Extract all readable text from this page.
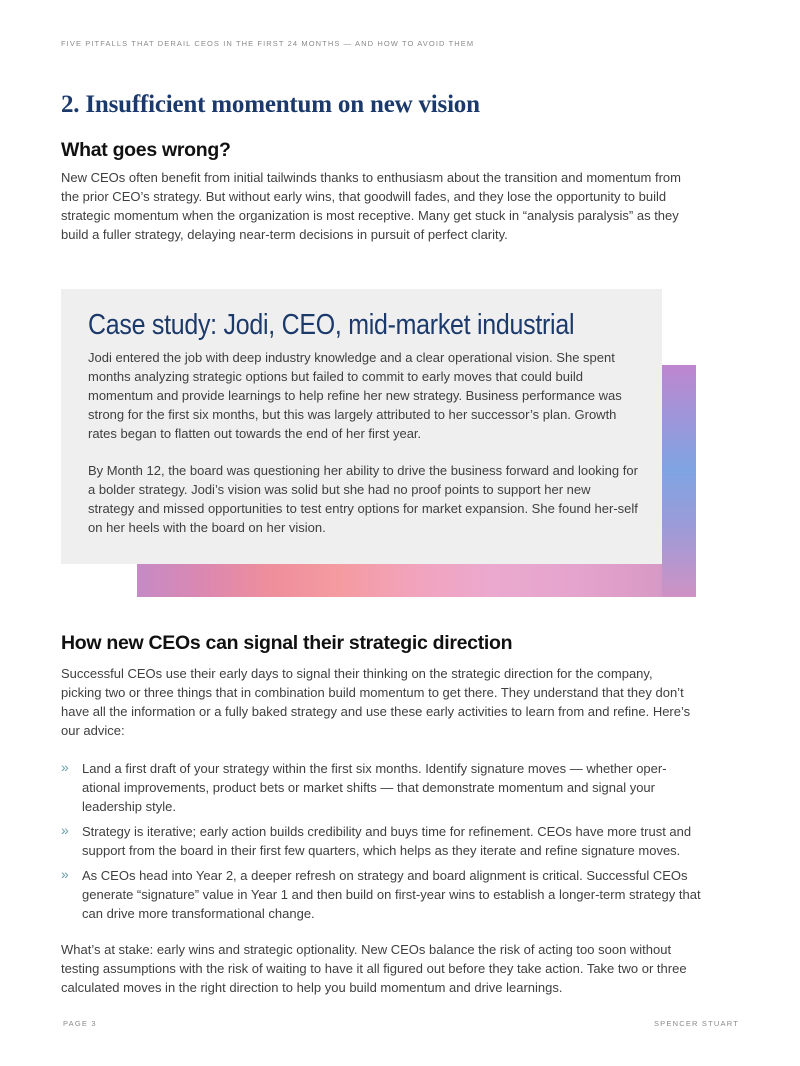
FIVE PITFALLS THAT DERAIL CEOS IN THE FIRST 24 MONTHS — AND HOW TO AVOID THEM
2. Insufficient momentum on new vision
What goes wrong?

New CEOs often benefit from initial tailwinds thanks to enthusiasm about the transition and momentum from the prior CEO’s strategy. But without early wins, that goodwill fades, and they lose the opportunity to build strategic momentum when the organization is most receptive. Many get stuck in “analysis paralysis” as they build a fuller strategy, delaying near-term decisions in pursuit of perfect clarity.

Case study: Jodi, CEO, mid-market industrial

Jodi entered the job with deep industry knowledge and a clear operational vision. She spent months analyzing strategic options but failed to commit to early moves that could build momentum and provide learnings to help refine her new strategy. Business performance was strong for the first six months, but this was largely attributed to her successor’s plan. Growth rates began to flatten out towards the end of her first year.

By Month 12, the board was questioning her ability to drive the business forward and looking for a bolder strategy. Jodi’s vision was solid but she had no proof points to support her new strategy and missed opportunities to test entry options for market expansion. She found her-self on her heels with the board on her vision.

How new CEOs can signal their strategic direction

Successful CEOs use their early days to signal their thinking on the strategic direction for the company, picking two or three things that in combination build momentum to get there. They understand that they don’t have all the information or a fully baked strategy and use these early activities to learn from and refine. Here’s our advice:

» Land a first draft of your strategy within the first six months. Identify signature moves — whether oper-ational improvements, product bets or market shifts — that demonstrate momentum and signal your leadership style.
» Strategy is iterative; early action builds credibility and buys time for refinement. CEOs have more trust and support from the board in their first few quarters, which helps as they iterate and refine signature moves.
» As CEOs head into Year 2, a deeper refresh on strategy and board alignment is critical. Successful CEOs generate “signature” value in Year 1 and then build on first-year wins to establish a longer-term strategy that can drive more transformational change.

What’s at stake: early wins and strategic optionality. New CEOs balance the risk of acting too soon without testing assumptions with the risk of waiting to have it all figured out before they take action. Take two or three calculated moves in the right direction to help you build momentum and drive learnings.

PAGE 3	SPENCER STUART
